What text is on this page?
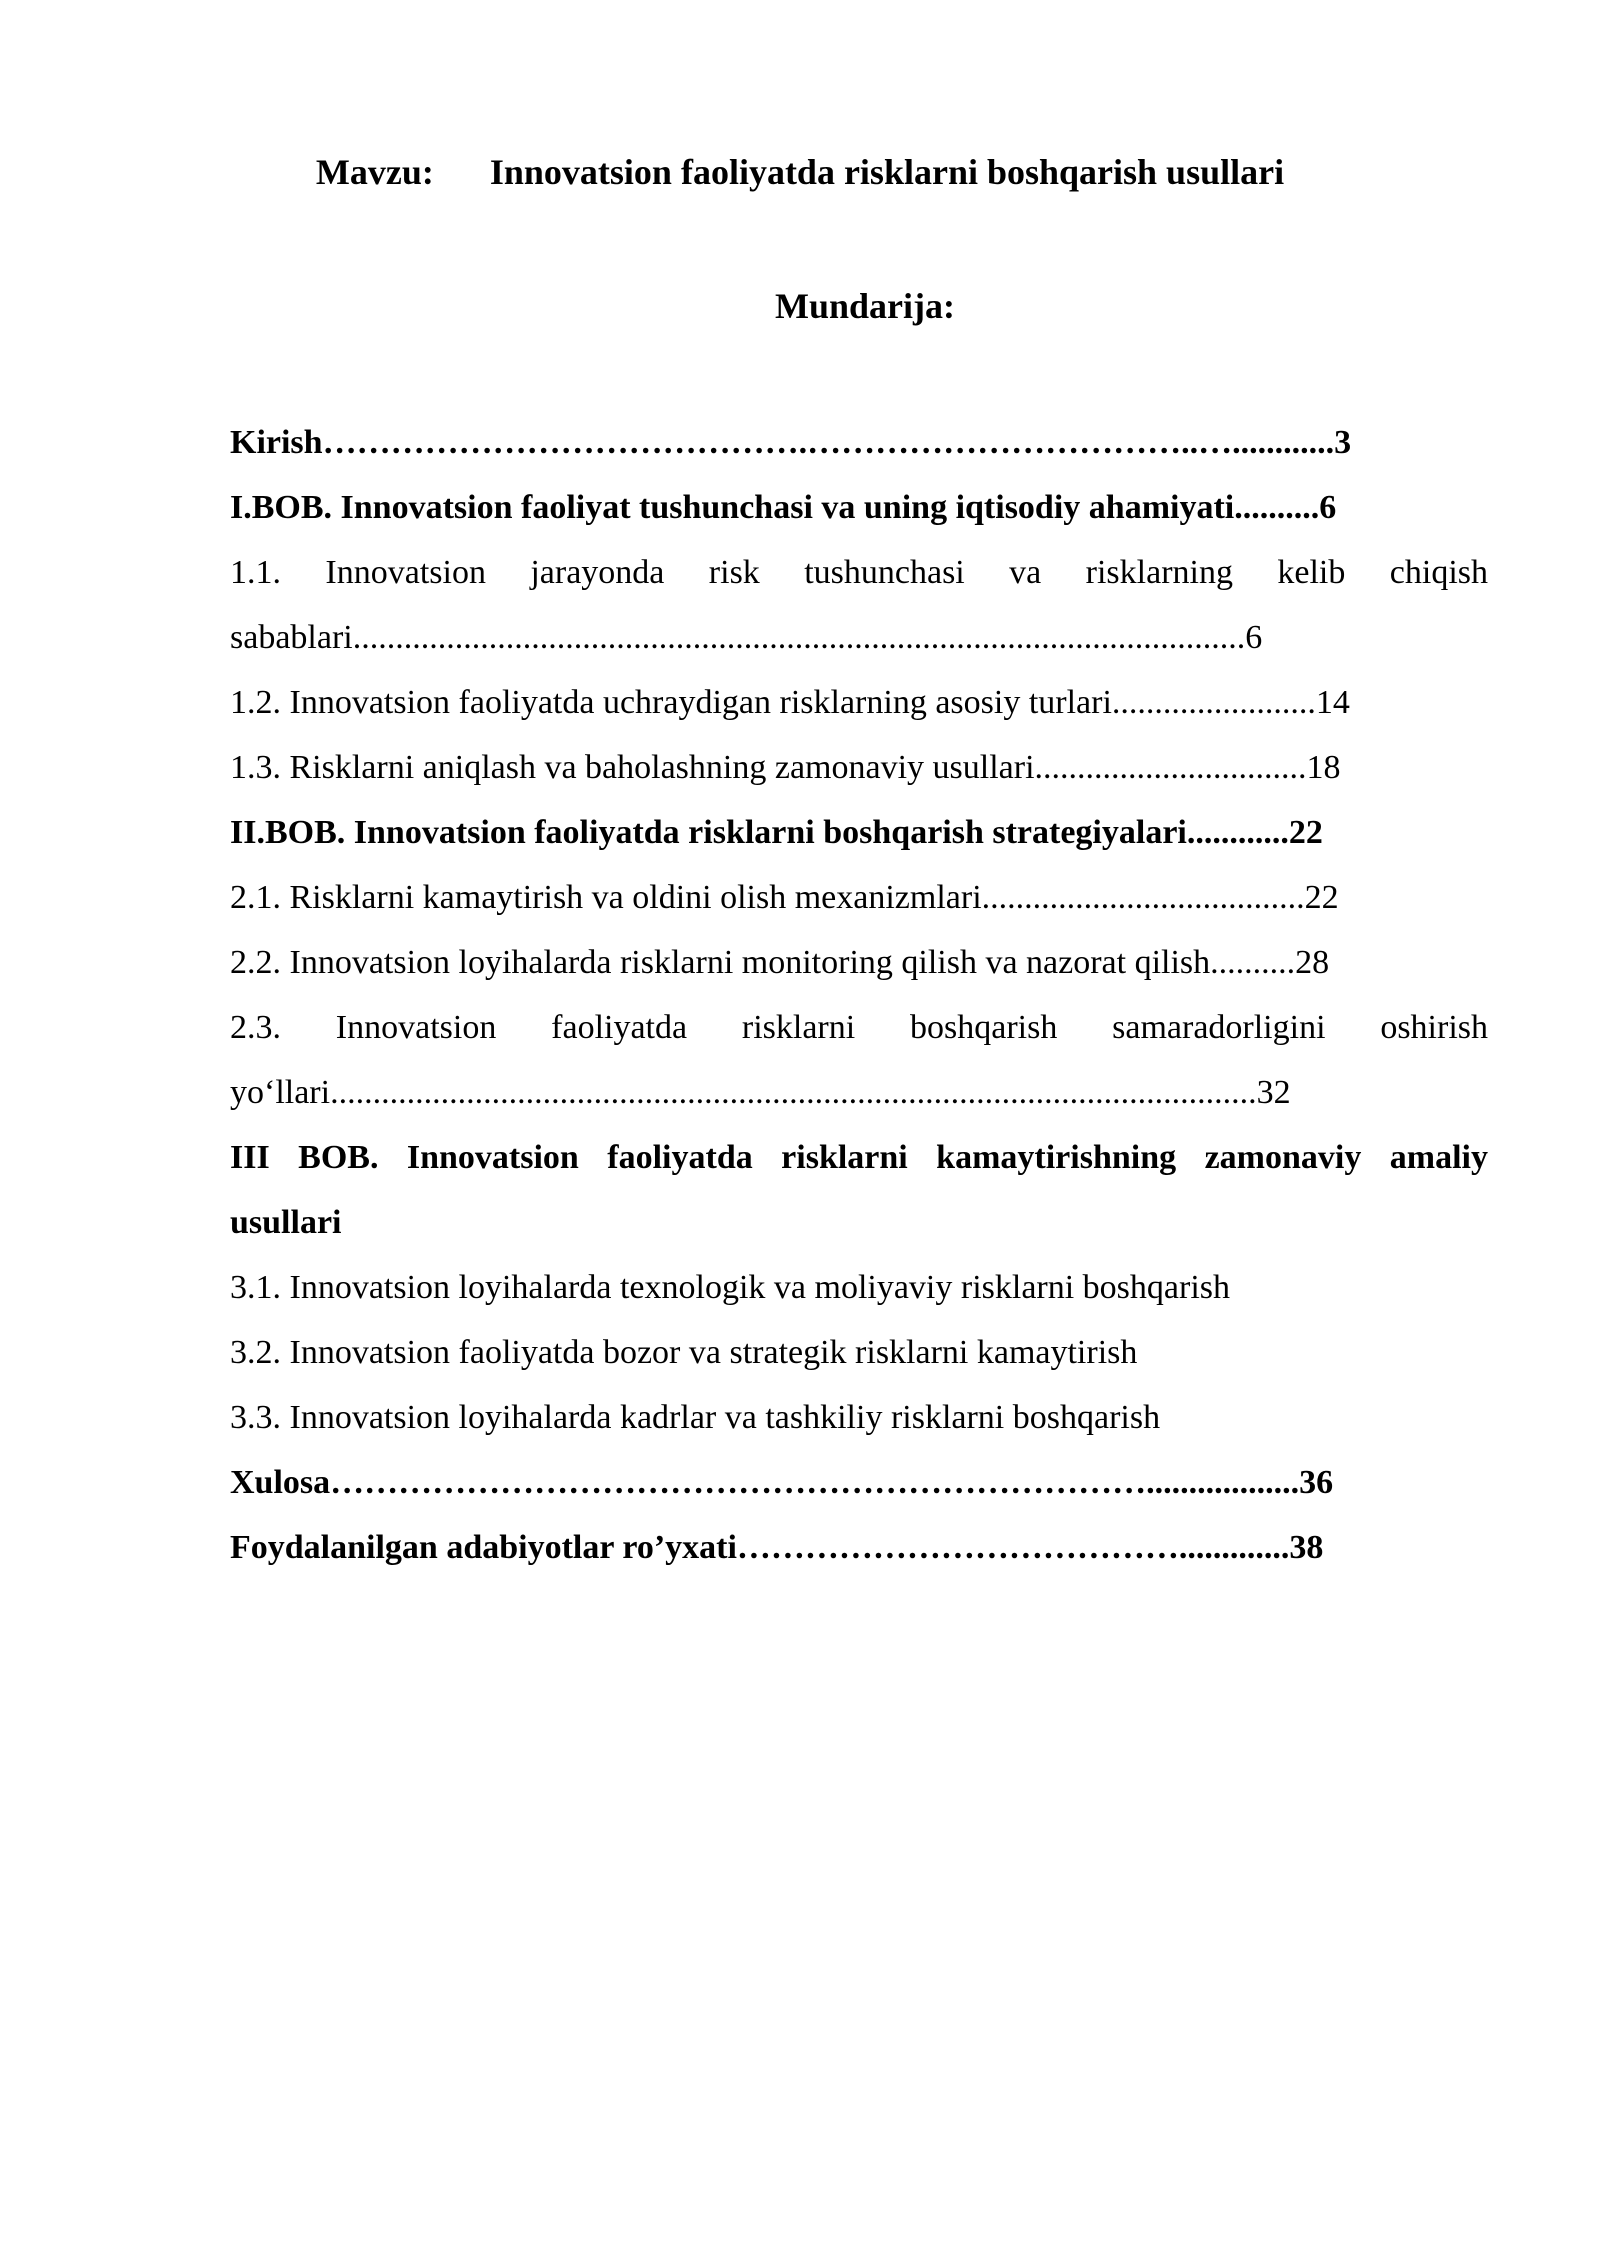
Mavzu: Innovatsion faoliyatda risklarni boshqarish usullari
Mundarija:
Kirish…………………………………….……………………………..…............3
I.BOB. Innovatsion faoliyat tushunchasi va uning iqtisodiy ahamiyati..........6
1.1. Innovatsion jarayonda risk tushunchasi va risklarning kelib chiqish
sabablari.........................................................................................................6
1.2. Innovatsion faoliyatda uchraydigan risklarning asosiy turlari........................14
1.3. Risklarni aniqlash va baholashning zamonaviy usullari................................18
II.BOB. Innovatsion faoliyatda risklarni boshqarish strategiyalari............22
2.1. Risklarni kamaytirish va oldini olish mexanizmlari......................................22
2.2. Innovatsion loyihalarda risklarni monitoring qilish va nazorat qilish..........28
2.3. Innovatsion faoliyatda risklarni boshqarish samaradorligini oshirish
yo‘llari.............................................................................................................32
III BOB. Innovatsion faoliyatda risklarni kamaytirishning zamonaviy amaliy
usullari
3.1. Innovatsion loyihalarda texnologik va moliyaviy risklarni boshqarish
3.2. Innovatsion faoliyatda bozor va strategik risklarni kamaytirish
3.3. Innovatsion loyihalarda kadrlar va tashkiliy risklarni boshqarish
Xulosa………………………………………………………………..................36
Foydalanilgan adabiyotlar ro’yxati………………………………….............38
